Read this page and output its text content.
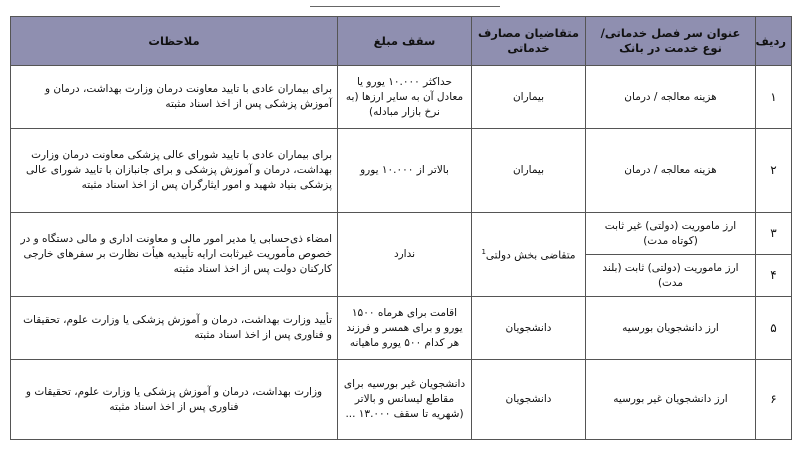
ردیف	عنوان سر فصل خدماتی/نوع خدمت در بانک	متقاضیان مصارف خدماتی	سقف مبلغ	ملاحظات
۱	هزینه معالجه / درمان	بیماران	حداکثر ۱۰.۰۰۰ یورو یا معادل آن به سایر ارزها (به نرخ بازار مبادله)	برای بیماران عادی با تایید معاونت درمان وزارت بهداشت، درمان و آموزش پزشکی پس از اخذ اسناد مثبته
۲	هزینه معالجه / درمان	بیماران	بالاتر از ۱۰.۰۰۰ یورو	برای بیماران عادی با تایید شورای عالی پزشکی معاونت درمان وزارت بهداشت، درمان و آموزش پزشکی و برای جانبازان با تایید شورای عالی پزشکی بنیاد شهید و امور ایثارگران پس از اخذ اسناد مثبته
۳	ارز ماموریت (دولتی) غیر ثابت (کوتاه مدت)	متقاضی بخش دولتی$^1$	ندارد	امضاء ذی‌حسابی یا مدیر امور مالی و معاونت اداری و مالی دستگاه و در خصوص مأموریت غیرثابت ارایه تأییدیه هیأت نظارت بر سفرهای خارجی کارکنان دولت پس از اخذ اسناد مثبته
۴	ارز ماموریت (دولتی) ثابت (بلند مدت)			
۵	ارز دانشجویان بورسیه	دانشجویان	اقامت برای هرماه ۱۵۰۰ یورو و برای همسر و فرزند هر کدام ۵۰۰ یورو ماهیانه	تأیید وزارت بهداشت، درمان و آموزش پزشکی یا وزارت علوم، تحقیقات و فناوری پس از اخذ اسناد مثبته
۶	ارز دانشجویان غیر بورسیه	دانشجویان	دانشجویان غیر بورسیه برای مقاطع لیسانس و بالاتر (شهریه تا سقف ۱۳.۰۰۰ ...	وزارت بهداشت، درمان و آموزش پزشکی یا وزارت علوم، تحقیقات و فناوری پس از اخذ اسناد مثبته
